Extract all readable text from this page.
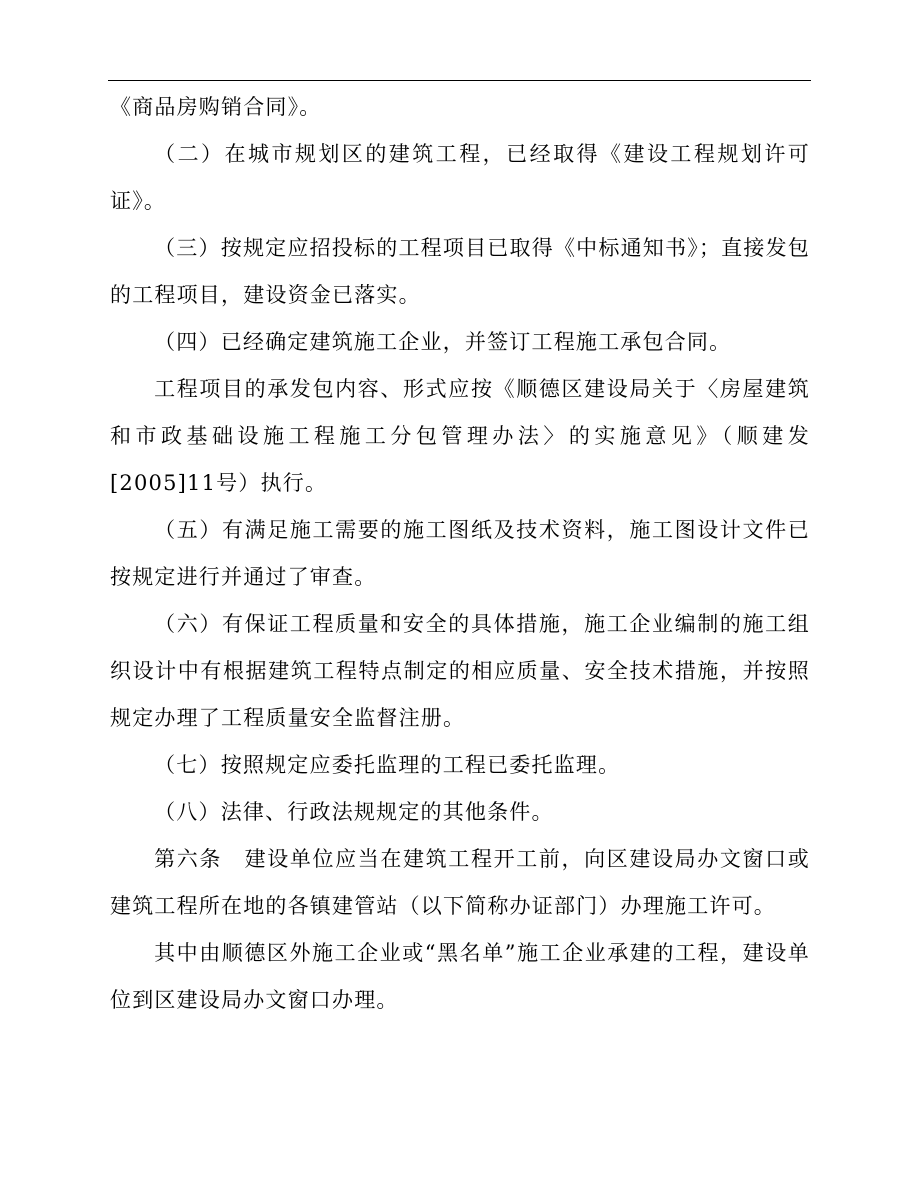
《商品房购销合同》。

（二）在城市规划区的建筑工程，已经取得《建设工程规划许可证》。

（三）按规定应招投标的工程项目已取得《中标通知书》；直接发包的工程项目，建设资金已落实。

（四）已经确定建筑施工企业，并签订工程施工承包合同。

工程项目的承发包内容、形式应按《顺德区建设局关于〈房屋建筑和市政基础设施工程施工分包管理办法〉的实施意见》（顺建发[2005]11号）执行。

（五）有满足施工需要的施工图纸及技术资料，施工图设计文件已按规定进行并通过了审查。

（六）有保证工程质量和安全的具体措施，施工企业编制的施工组织设计中有根据建筑工程特点制定的相应质量、安全技术措施，并按照规定办理了工程质量安全监督注册。

（七）按照规定应委托监理的工程已委托监理。

（八）法律、行政法规规定的其他条件。

第六条　建设单位应当在建筑工程开工前，向区建设局办文窗口或建筑工程所在地的各镇建管站（以下简称办证部门）办理施工许可。

其中由顺德区外施工企业或“黑名单”施工企业承建的工程，建设单位到区建设局办文窗口办理。
